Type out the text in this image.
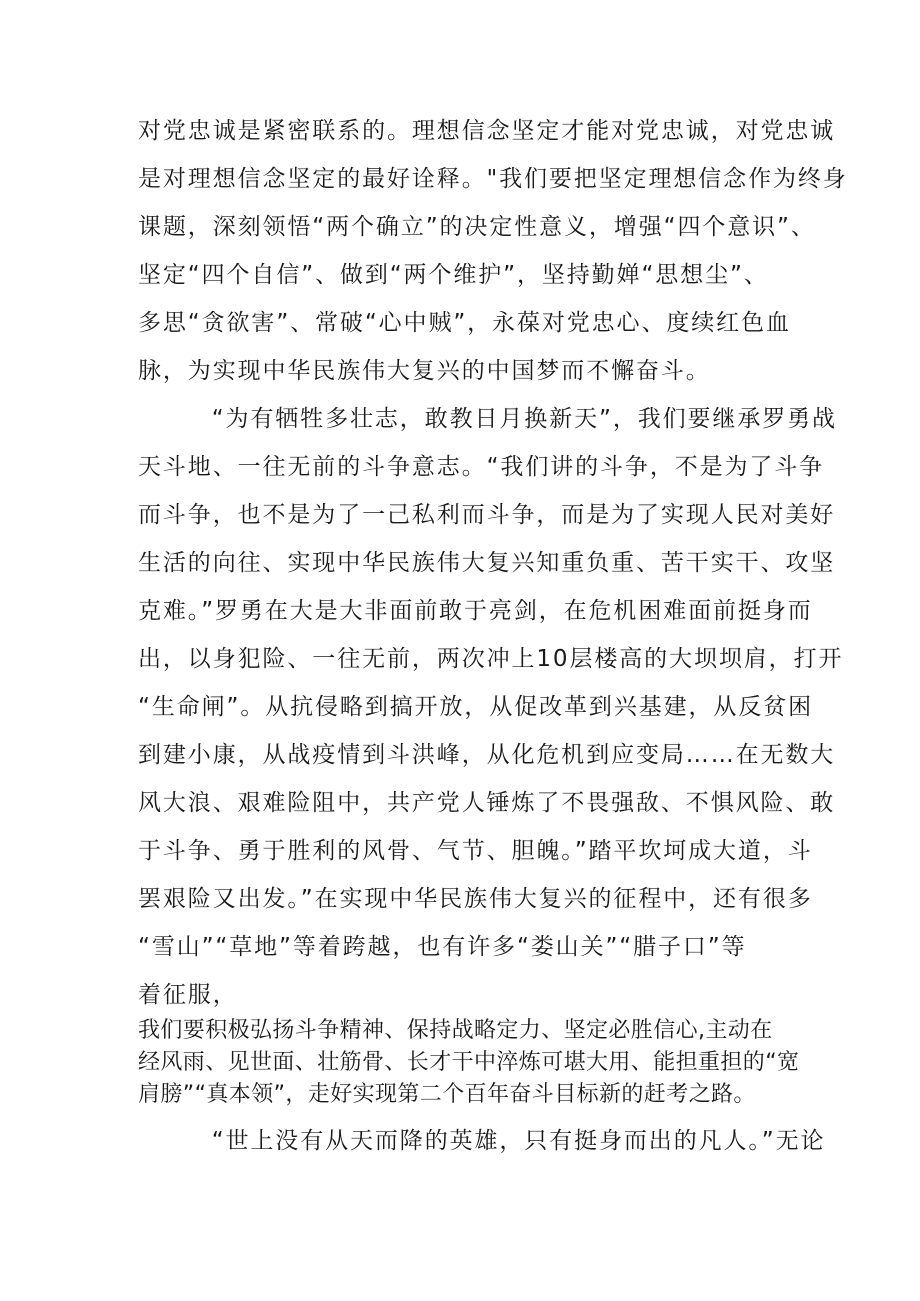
对党忠诚是紧密联系的。理想信念坚定才能对党忠诚，对党忠诚
是对理想信念坚定的最好诠释。"我们要把坚定理想信念作为终身
课题，深刻领悟“两个确立”的决定性意义，增强“四个意识”、
坚定“四个自信”、做到“两个维护”，坚持勤婵“思想尘”、
多思“贪欲害”、常破“心中贼”，永葆对党忠心、度续红色血
脉，为实现中华民族伟大复兴的中国梦而不懈奋斗。
“为有牺牲多壮志，敢教日月换新天”，我们要继承罗勇战
天斗地、一往无前的斗争意志。“我们讲的斗争，不是为了斗争
而斗争，也不是为了一己私利而斗争，而是为了实现人民对美好
生活的向往、实现中华民族伟大复兴知重负重、苦干实干、攻坚
克难。”罗勇在大是大非面前敢于亮剑，在危机困难面前挺身而
出，以身犯险、一往无前，两次冲上10层楼高的大坝坝肩，打开
“生命闸”。从抗侵略到搞开放，从促改革到兴基建，从反贫困
到建小康，从战疫情到斗洪峰，从化危机到应变局……在无数大
风大浪、艰难险阻中，共产党人锤炼了不畏强敌、不惧风险、敢
于斗争、勇于胜利的风骨、气节、胆魄。”踏平坎坷成大道，斗
罢艰险又出发。”在实现中华民族伟大复兴的征程中，还有很多
“雪山”“草地”等着跨越，也有许多“娄山关”“腊子口”等
着征服，
我们要积极弘扬斗争精神、保持战略定力、坚定必胜信心,主动在
经风雨、见世面、壮筋骨、长才干中淬炼可堪大用、能担重担的“宽
肩膀”“真本领”，走好实现第二个百年奋斗目标新的赶考之路。
“世上没有从天而降的英雄，只有挺身而出的凡人。”无论
